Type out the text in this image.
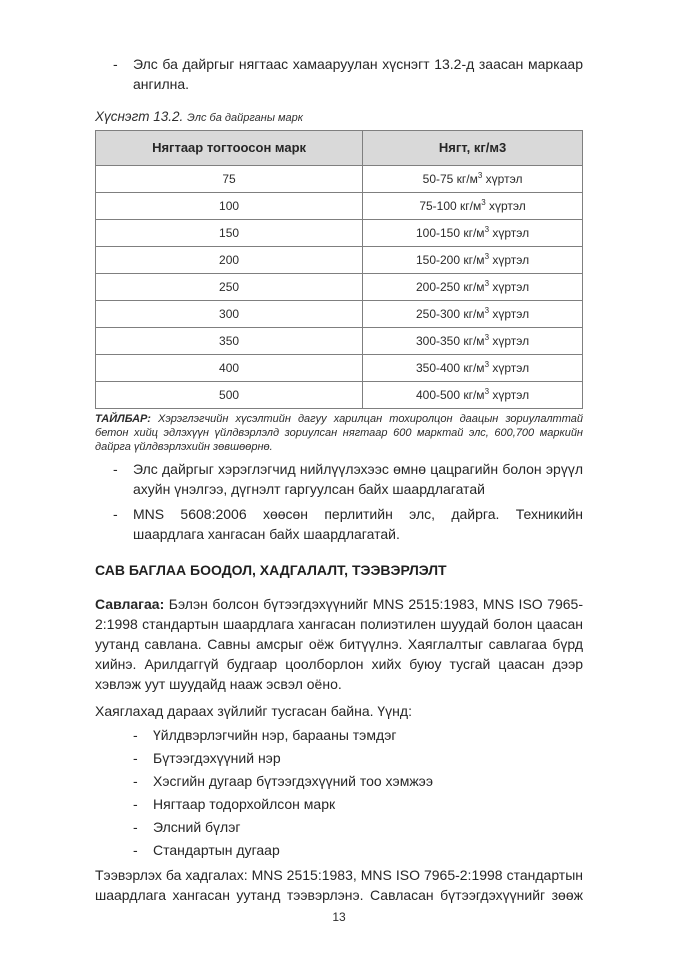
-	Элс ба дайргыг нягтаас хамааруулан хүснэгт 13.2-д заасан маркаар ангилна.
Хүснэгт 13.2. Элс ба дайрганы марк
Нягтаар тогтоосон марк	Нягт, кг/м3
75	50-75 $кг/м^3$ хүртэл
100	75-100 $кг/м^3$ хүртэл
150	100-150 $кг/м^3$ хүртэл
200	150-200 $кг/м^3$ хүртэл
250	200-250 $кг/м^3$ хүртэл
300	250-300 $кг/м^3$ хүртэл
350	300-350 $кг/м^3$ хүртэл
400	350-400 $кг/м^3$ хүртэл
500	400-500 $кг/м^3$ хүртэл

ТАЙЛБАР: Хэрэглэгчийн хүсэлтийн дагуу харилцан тохиролцон даацын зориулалттай бетон хийц эдлэхүүн үйлдвэрлэлд зориулсан нягтаар 600 марктай элс, 600,700 маркийн дайрга үйлдвэрлэхийн зөвшөөрнө.

-	Элс дайргыг хэрэглэгчид нийлүүлэхээс өмнө цацрагийн болон эрүүл ахуйн үнэлгээ, дүгнэлт гаргуулсан байх шаардлагатай
-	MNS 5608:2006 хөөсөн перлитийн элс, дайрга. Техникийн шаардлага хангасан байх шаардлагатай.
САВ БАГЛАА БООДОЛ, ХАДГАЛАЛТ, ТЭЭВЭРЛЭЛТ

Савлагаа: Бэлэн болсон бүтээгдэхүүнийг MNS 2515:1983, MNS ISO 7965-2:1998 стандартын шаардлага хангасан полиэтилен шуудай болон цаасан уутанд савлана. Савны амсрыг оёж битүүлнэ. Хаяглалтыг савлагаа бүрд хийнэ. Арилдаггүй будгаар цоолборлон хийх буюу тусгай цаасан дээр хэвлэж уут шуудайд нааж эсвэл оёно.

Хаяглахад дараах зүйлийг тусгасан байна. Үүнд:

-	Үйлдвэрлэгчийн нэр, барааны тэмдэг
-	Бүтээгдэхүүний нэр
-	Хэсгийн дугаар бүтээгдэхүүний тоо хэмжээ
-	Нягтаар тодорхойлсон марк
-	Элсний бүлэг
-	Стандартын дугаар

Тээвэрлэх ба хадгалах: MNS 2515:1983, MNS ISO 7965-2:1998 стандартын шаардлага хангасан уутанд тээвэрлэнэ. Савласан бүтээгдэхүүнийг зөөж

13
